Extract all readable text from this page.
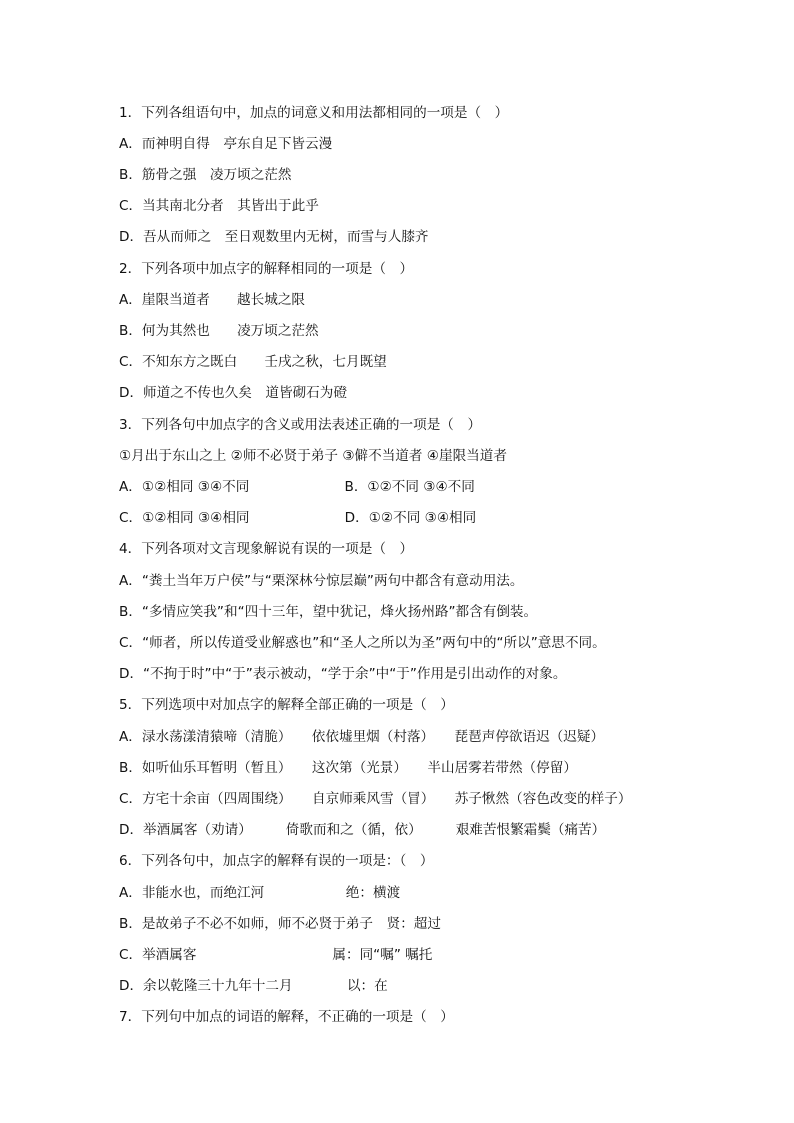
1．下列各组语句中，加点的词意义和用法都相同的一项是（　）
A．而神明自得　亭东自足下皆云漫
B．筋骨之强　凌万顷之茫然
C．当其南北分者　其皆出于此乎
D．吾从而师之　至日观数里内无树，而雪与人膝齐
2．下列各项中加点字的解释相同的一项是（　）
A．崖限当道者　　越长城之限
B．何为其然也　　凌万顷之茫然
C．不知东方之既白　　壬戌之秋，七月既望
D．师道之不传也久矣　道皆砌石为磴
3．下列各句中加点字的含义或用法表述正确的一项是（　）
①月出于东山之上 ②师不必贤于弟子 ③僻不当道者 ④崖限当道者
A．①②相同 ③④不同　　　　　　　B．①②不同 ③④不同
C．①②相同 ③④相同　　　　　　　D．①②不同 ③④相同
4．下列各项对文言现象解说有误的一项是（　）
A．“粪土当年万户侯”与“栗深林兮惊层巅”两句中都含有意动用法。
B．“多情应笑我”和“四十三年，望中犹记，烽火扬州路”都含有倒装。
C．“师者，所以传道受业解惑也”和“圣人之所以为圣”两句中的“所以”意思不同。
D．“不拘于时”中“于”表示被动，“学于余”中“于”作用是引出动作的对象。
5．下列选项中对加点字的解释全部正确的一项是（　）
A．渌水荡漾清猿啼（清脆）　　依依墟里烟（村落）　　琵琶声停欲语迟（迟疑）
B．如听仙乐耳暂明（暂且）　　这次第（光景）　　半山居雾若带然（停留）
C．方宅十余亩（四周围绕）　　自京师乘风雪（冒）　　苏子愀然（容色改变的样子）
D．举酒属客（劝请）　　　倚歌而和之（循，依）　　　艰难苦恨繁霜鬓（痛苦）
6．下列各句中，加点字的解释有误的一项是：（　）
A．非能水也，而绝江河　　　　　　绝：横渡
B．是故弟子不必不如师，师不必贤于弟子　贤：超过
C．举酒属客　　　　　　　　　　属：同“嘱” 嘱托
D．余以乾隆三十九年十二月　　　　以：在
7．下列句中加点的词语的解释，不正确的一项是（　）
